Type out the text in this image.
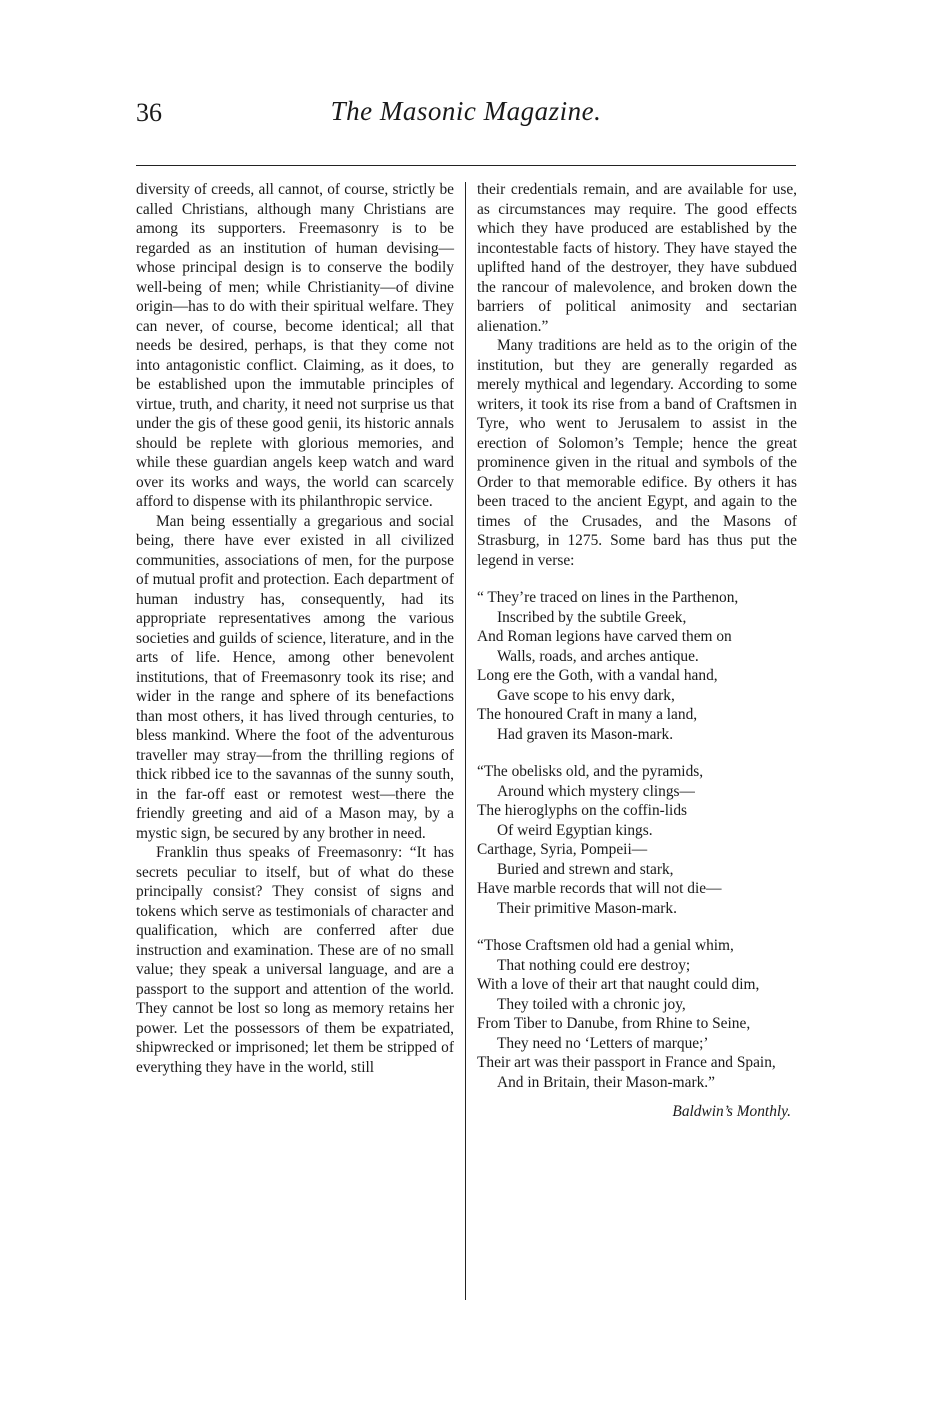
36	The Masonic Magazine.

diversity of creeds, all cannot, of course, strictly be called Christians, although many Christians are among its supporters. Freemasonry is to be regarded as an institution of human devising—whose principal design is to conserve the bodily well-being of men; while Christianity—of divine origin—has to do with their spiritual welfare. They can never, of course, become identical; all that needs be desired, perhaps, is that they come not into antagonistic conflict. Claiming, as it does, to be established upon the immutable principles of virtue, truth, and charity, it need not surprise us that under the gis of these good genii, its historic annals should be replete with glorious memories, and while these guardian angels keep watch and ward over its works and ways, the world can scarcely afford to dispense with its philanthropic service.

Man being essentially a gregarious and social being, there have ever existed in all civilized communities, associations of men, for the purpose of mutual profit and protection. Each department of human industry has, consequently, had its appropriate representatives among the various societies and guilds of science, literature, and in the arts of life. Hence, among other benevolent institutions, that of Freemasonry took its rise; and wider in the range and sphere of its benefactions than most others, it has lived through centuries, to bless mankind. Where the foot of the adventurous traveller may stray—from the thrilling regions of thick ribbed ice to the savannas of the sunny south, in the far-off east or remotest west—there the friendly greeting and aid of a Mason may, by a mystic sign, be secured by any brother in need.

Franklin thus speaks of Freemasonry: “It has secrets peculiar to itself, but of what do these principally consist? They consist of signs and tokens which serve as testimonials of character and qualification, which are conferred after due instruction and examination. These are of no small value; they speak a universal language, and are a passport to the support and attention of the world. They cannot be lost so long as memory retains her power. Let the possessors of them be expatriated, shipwrecked or imprisoned; let them be stripped of everything they have in the world, still

their credentials remain, and are available for use, as circumstances may require. The good effects which they have produced are established by the incontestable facts of history. They have stayed the uplifted hand of the destroyer, they have subdued the rancour of malevolence, and broken down the barriers of political animosity and sectarian alienation.”

Many traditions are held as to the origin of the institution, but they are generally regarded as merely mythical and legendary. According to some writers, it took its rise from a band of Craftsmen in Tyre, who went to Jerusalem to assist in the erection of Solomon’s Temple; hence the great prominence given in the ritual and symbols of the Order to that memorable edifice. By others it has been traced to the ancient Egypt, and again to the times of the Crusades, and the Masons of Strasburg, in 1275. Some bard has thus put the legend in verse:

“ They’re traced on lines in the Parthenon,

Inscribed by the subtile Greek,

And Roman legions have carved them on

Walls, roads, and arches antique.

Long ere the Goth, with a vandal hand,

Gave scope to his envy dark,

The honoured Craft in many a land,

Had graven its Mason-mark.

“The obelisks old, and the pyramids,

Around which mystery clings—

The hieroglyphs on the coffin-lids

Of weird Egyptian kings.

Carthage, Syria, Pompeii—

Buried and strewn and stark,

Have marble records that will not die—

Their primitive Mason-mark.

“Those Craftsmen old had a genial whim,

That nothing could ere destroy;

With a love of their art that naught could dim,

They toiled with a chronic joy,

From Tiber to Danube, from Rhine to Seine,

They need no ‘Letters of marque;’

Their art was their passport in France and Spain,

And in Britain, their Mason-mark.”

Baldwin’s Monthly.
